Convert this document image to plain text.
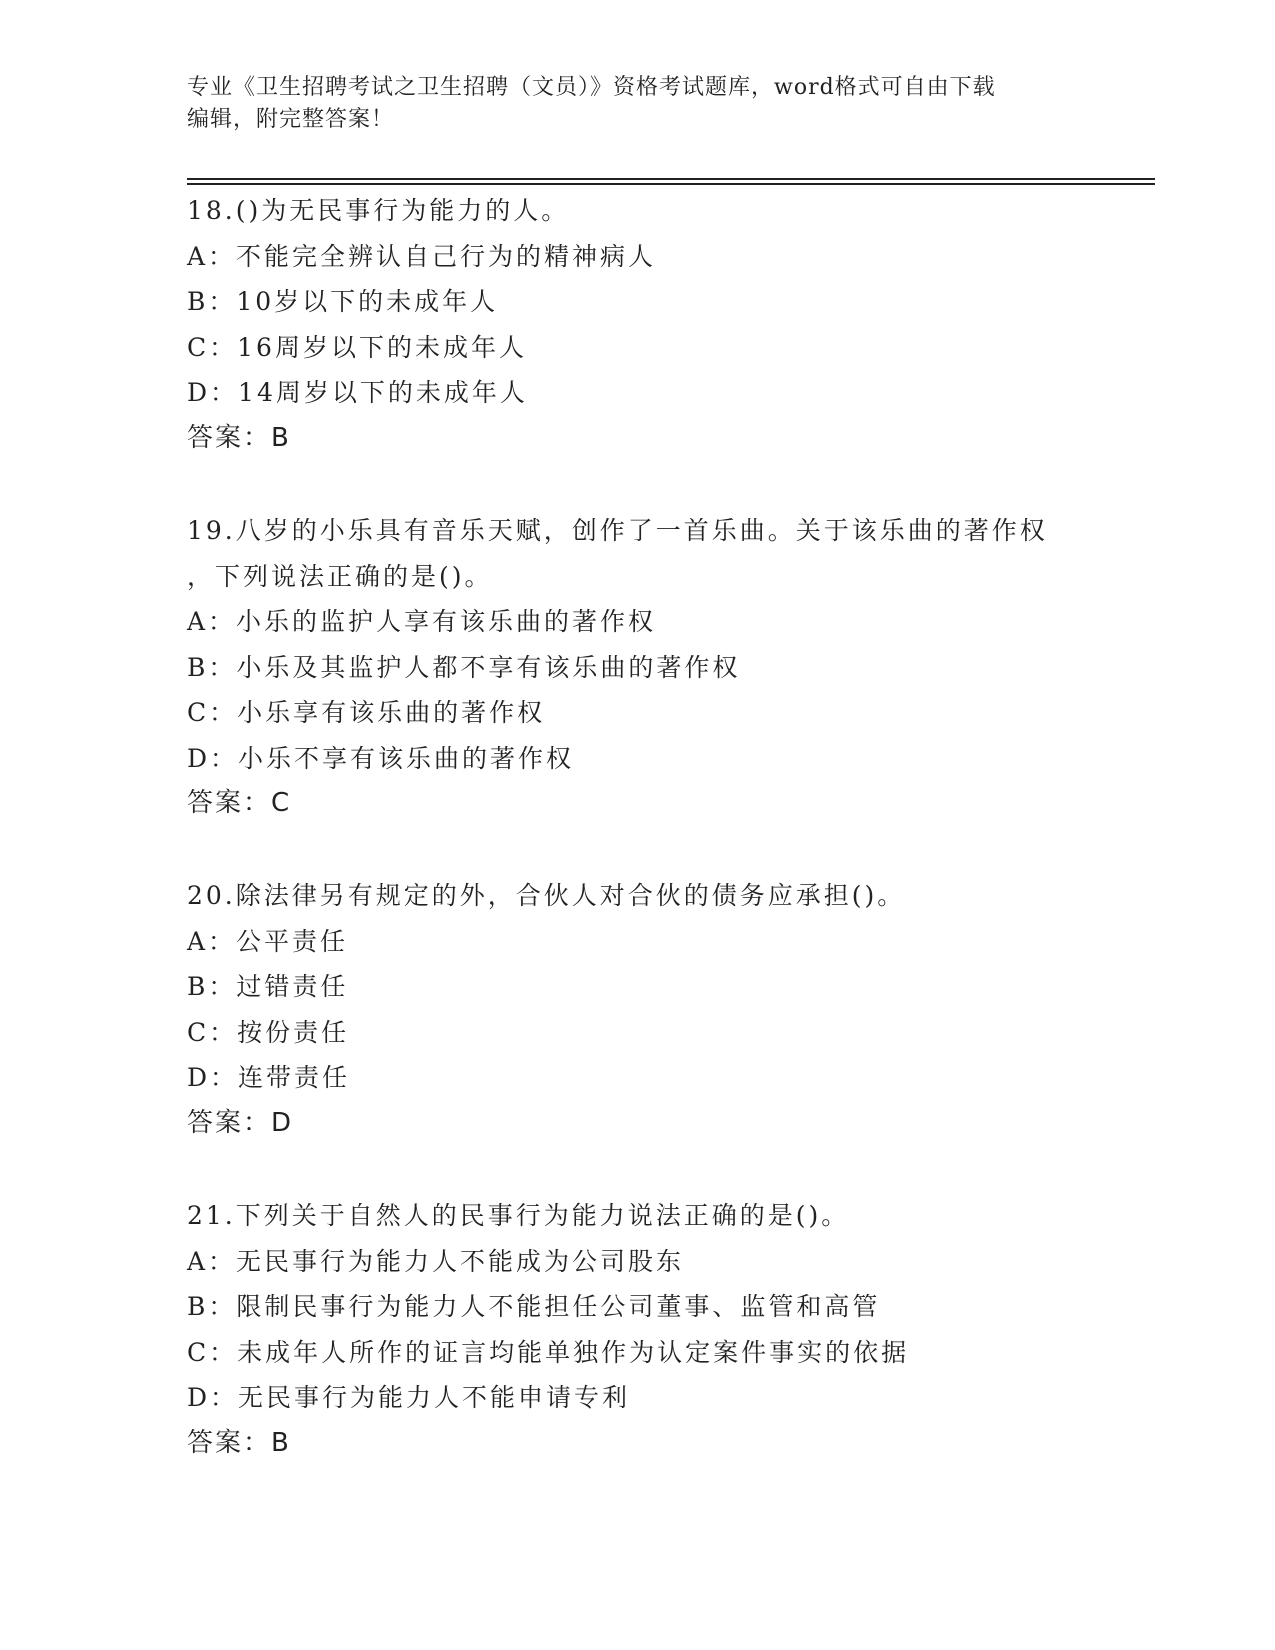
专业《卫生招聘考试之卫生招聘（文员）》资格考试题库，word格式可自由下载
编辑，附完整答案！
18.()为无民事行为能力的人。
A：不能完全辨认自己行为的精神病人
B：10岁以下的未成年人
C：16周岁以下的未成年人
D：14周岁以下的未成年人
答案：B
19.八岁的小乐具有音乐天赋，创作了一首乐曲。关于该乐曲的著作权
，下列说法正确的是()。
A：小乐的监护人享有该乐曲的著作权
B：小乐及其监护人都不享有该乐曲的著作权
C：小乐享有该乐曲的著作权
D：小乐不享有该乐曲的著作权
答案：C
20.除法律另有规定的外，合伙人对合伙的债务应承担()。
A：公平责任
B：过错责任
C：按份责任
D：连带责任
答案：D
21.下列关于自然人的民事行为能力说法正确的是()。
A：无民事行为能力人不能成为公司股东
B：限制民事行为能力人不能担任公司董事、监管和高管
C：未成年人所作的证言均能单独作为认定案件事实的依据
D：无民事行为能力人不能申请专利
答案：B
